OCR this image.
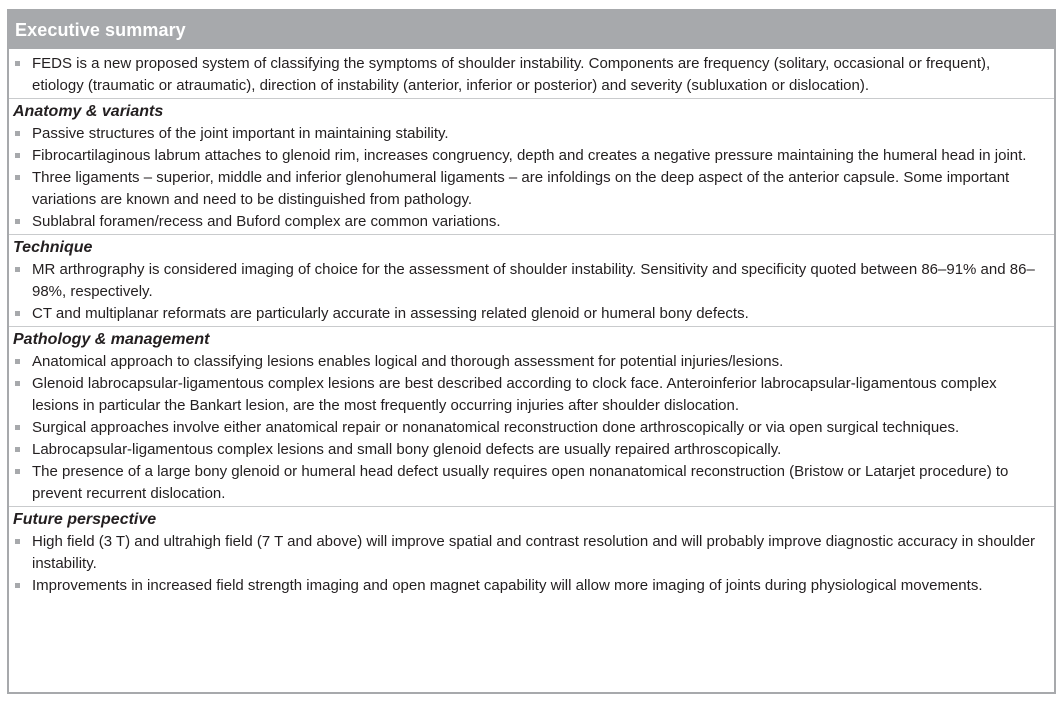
Executive summary
FEDS is a new proposed system of classifying the symptoms of shoulder instability. Components are frequency (solitary, occasional or frequent), etiology (traumatic or atraumatic), direction of instability (anterior, inferior or posterior) and severity (subluxation or dislocation).
Anatomy & variants
Passive structures of the joint important in maintaining stability.
Fibrocartilaginous labrum attaches to glenoid rim, increases congruency, depth and creates a negative pressure maintaining the humeral head in joint.
Three ligaments – superior, middle and inferior glenohumeral ligaments – are infoldings on the deep aspect of the anterior capsule. Some important variations are known and need to be distinguished from pathology.
Sublabral foramen/recess and Buford complex are common variations.
Technique
MR arthrography is considered imaging of choice for the assessment of shoulder instability. Sensitivity and specificity quoted between 86–91% and 86–98%, respectively.
CT and multiplanar reformats are particularly accurate in assessing related glenoid or humeral bony defects.
Pathology & management
Anatomical approach to classifying lesions enables logical and thorough assessment for potential injuries/lesions.
Glenoid labrocapsular-ligamentous complex lesions are best described according to clock face. Anteroinferior labrocapsular-ligamentous complex lesions in particular the Bankart lesion, are the most frequently occurring injuries after shoulder dislocation.
Surgical approaches involve either anatomical repair or nonanatomical reconstruction done arthroscopically or via open surgical techniques.
Labrocapsular-ligamentous complex lesions and small bony glenoid defects are usually repaired arthroscopically.
The presence of a large bony glenoid or humeral head defect usually requires open nonanatomical reconstruction (Bristow or Latarjet procedure) to prevent recurrent dislocation.
Future perspective
High field (3 T) and ultrahigh field (7 T and above) will improve spatial and contrast resolution and will probably improve diagnostic accuracy in shoulder instability.
Improvements in increased field strength imaging and open magnet capability will allow more imaging of joints during physiological movements.
